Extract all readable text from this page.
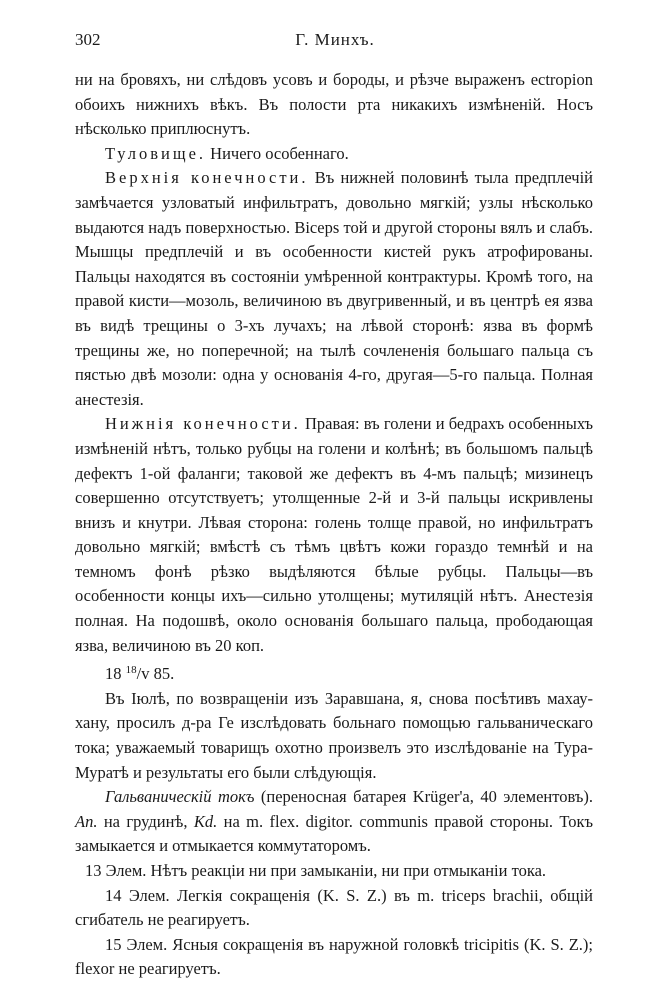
302	Г. Минхъ.

ни на бровяхъ, ни слѣдовъ усовъ и бороды, и рѣзче выраженъ ectropion обоихъ нижнихъ вѣкъ. Въ полости рта никакихъ измѣненій. Носъ нѣсколько приплюснутъ.

Туловище. Ничего особеннаго.

Верхнія конечности. Въ нижней половинѣ тыла предплечій замѣчается узловатый инфильтратъ, довольно мягкій; узлы нѣсколько выдаются надъ поверхностью. Biceps той и другой стороны вялъ и слабъ. Мышцы предплечій и въ особенности кистей рукъ атрофированы. Пальцы находятся въ состояніи умѣренной контрактуры. Кромѣ того, на правой кисти—мозоль, величиною въ двугривенный, и въ центрѣ ея язва въ видѣ трещины о 3-хъ лучахъ; на лѣвой сторонѣ: язва въ формѣ трещины же, но поперечной; на тылѣ сочлененія большаго пальца съ пястью двѣ мозоли: одна у основанія 4-го, другая—5-го пальца. Полная анестезія.

Нижнія конечности. Правая: въ голени и бедрахъ особенныхъ измѣненій нѣтъ, только рубцы на голени и колѣнѣ; въ большомъ пальцѣ дефектъ 1-ой фаланги; таковой же дефектъ въ 4-мъ пальцѣ; мизинецъ совершенно отсутствуетъ; утолщенные 2-й и 3-й пальцы искривлены внизъ и кнутри. Лѣвая сторона: голень толще правой, но инфильтратъ довольно мягкій; вмѣстѣ съ тѣмъ цвѣтъ кожи гораздо темнѣй и на темномъ фонѣ рѣзко выдѣляются бѣлые рубцы. Пальцы—въ особенности концы ихъ—сильно утолщены; мутиляцій нѣтъ. Анестезія полная. На подошвѣ, около основанія большаго пальца, прободающая язва, величиною въ 20 коп.

18 $^{18}$/v 85.

Въ Іюлѣ, по возвращеніи изъ Заравшана, я, снова посѣтивъ махау-хану, просилъ д-ра Ге изслѣдовать больнаго помощью гальваническаго тока; уважаемый товарищъ охотно произвелъ это изслѣдованіе на Тура-Муратѣ и результаты его были слѣдующія.

Гальваническій токъ (переносная батарея Krüger'а, 40 элементовъ). An. на грудинѣ, Kd. на m. flex. digitor. communis правой стороны. Токъ замыкается и отмыкается коммутаторомъ.

13 Элем. Нѣтъ реакціи ни при замыканіи, ни при отмыканіи тока.

14 Элем. Легкія сокращенія (K. S. Z.) въ m. triceps brachii, общій сгибатель не реагируетъ.

15 Элем. Ясныя сокращенія въ наружной головкѣ tricipitis (K. S. Z.); flexor не реагируетъ.
